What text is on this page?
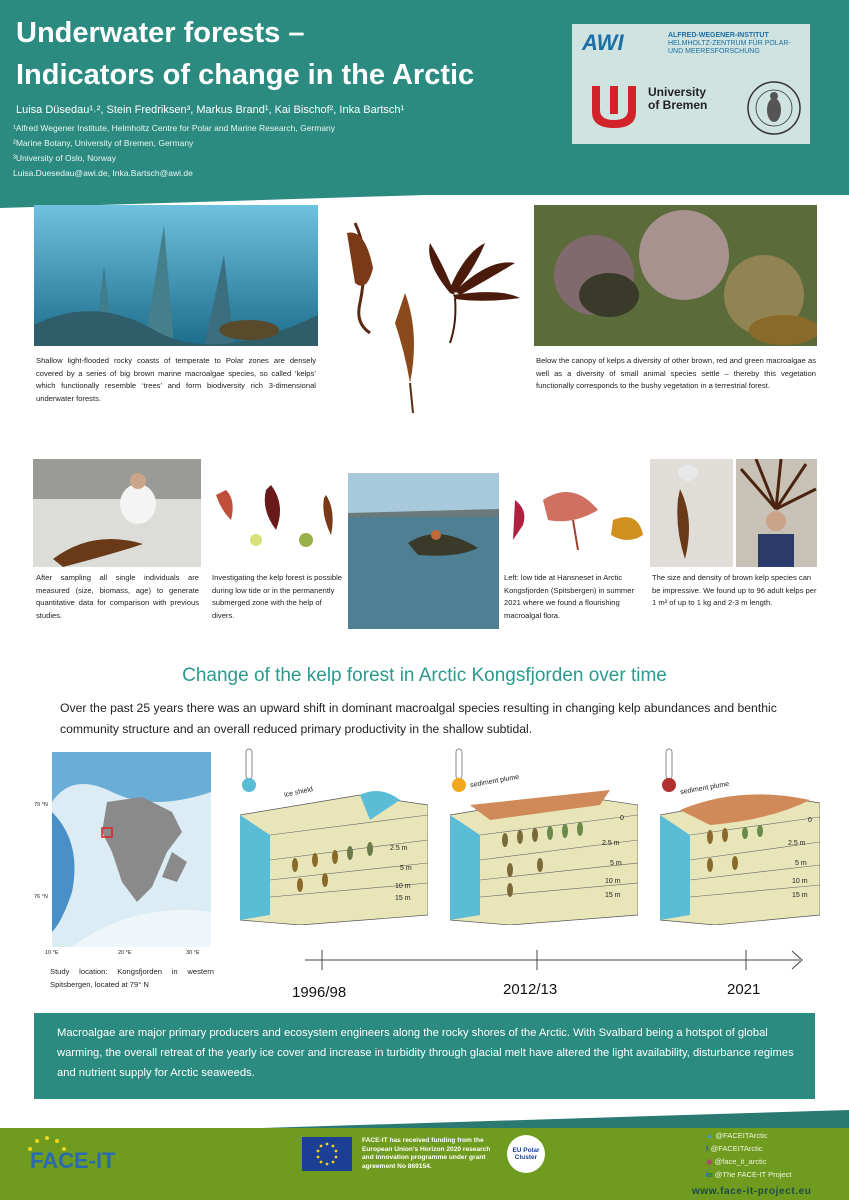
Underwater forests –
Indicators of change in the Arctic
Luisa Düsedau¹˒², Stein Fredriksen³, Markus Brand¹, Kai Bischof², Inka Bartsch¹
¹Alfred Wegener Institute, Helmholtz Centre for Polar and Marine Research, Germany
²Marine Botany, University of Bremen, Germany
³University of Oslo, Norway
Luisa.Duesedau@awi.de, Inka.Bartsch@awi.de
AWI	ALFRED-WEGENER-INSTITUT
HELMHOLTZ-ZENTRUM FÜR POLAR-
UND MEERESFORSCHUNG
University
of Bremen
Shallow light-flooded rocky coasts of temperate to Polar zones are densely covered by a series of big brown marine macroalgae species, so called ‘kelps’ which functionally resemble ‘trees’ and form biodiversity rich 3-dimensional underwater forests.
Below the canopy of kelps a diversity of other brown, red and green macroalgae as well as a diversity of small animal species settle – thereby this vegetation functionally corresponds to the bushy vegetation in a terrestrial forest.
After sampling all single individuals are measured (size, biomass, age) to generate quantitative data for comparison with previous studies.
Investigating the kelp forest is possible during low tide or in the permanently submerged zone with the help of divers.
Left: low tide at Hansneset in Arctic Kongsfjorden (Spitsbergen) in summer 2021 where we found a flourishing macroalgal flora.
The size and density of brown kelp species can be impressive. We found up to 96 adult kelps per 1 m² of up to 1 kg and 2-3 m length.
Change of the kelp forest in Arctic Kongsfjorden over time
Over the past 25 years there was an upward shift in dominant macroalgal species resulting in changing kelp abundances and benthic community structure and an overall reduced primary productivity in the shallow subtidal.
79 °N
76 °N
10 °E	20 °E	30 °E
Study location: Kongsfjorden in western Spitsbergen, located at 79° N
ice shield
2.5 m
5 m
10 m
15 m
sediment plume
0
2.5 m
5 m
10 m
15 m
sediment plume
0
2.5 m
5 m
10 m
15 m
1996/98	2012/13	2021
Macroalgae are major primary producers and ecosystem engineers along the rocky shores of the Arctic. With Svalbard being a hotspot of global warming, the overall retreat of the yearly ice cover and increase in turbidity through glacial melt have altered the light availability, disturbance regimes and nutrient supply for Arctic seaweeds.
FACE-IT
FACE-IT has received funding from the European Union’s Horizon 2020 research and innovation programme under grant agreement No 869154.
EU Polar Cluster
▲ @FACEITArctic
f @FACEITArctic
◉ @face_it_arctic
in @The FACE-IT Project
www.face-it-project.eu
